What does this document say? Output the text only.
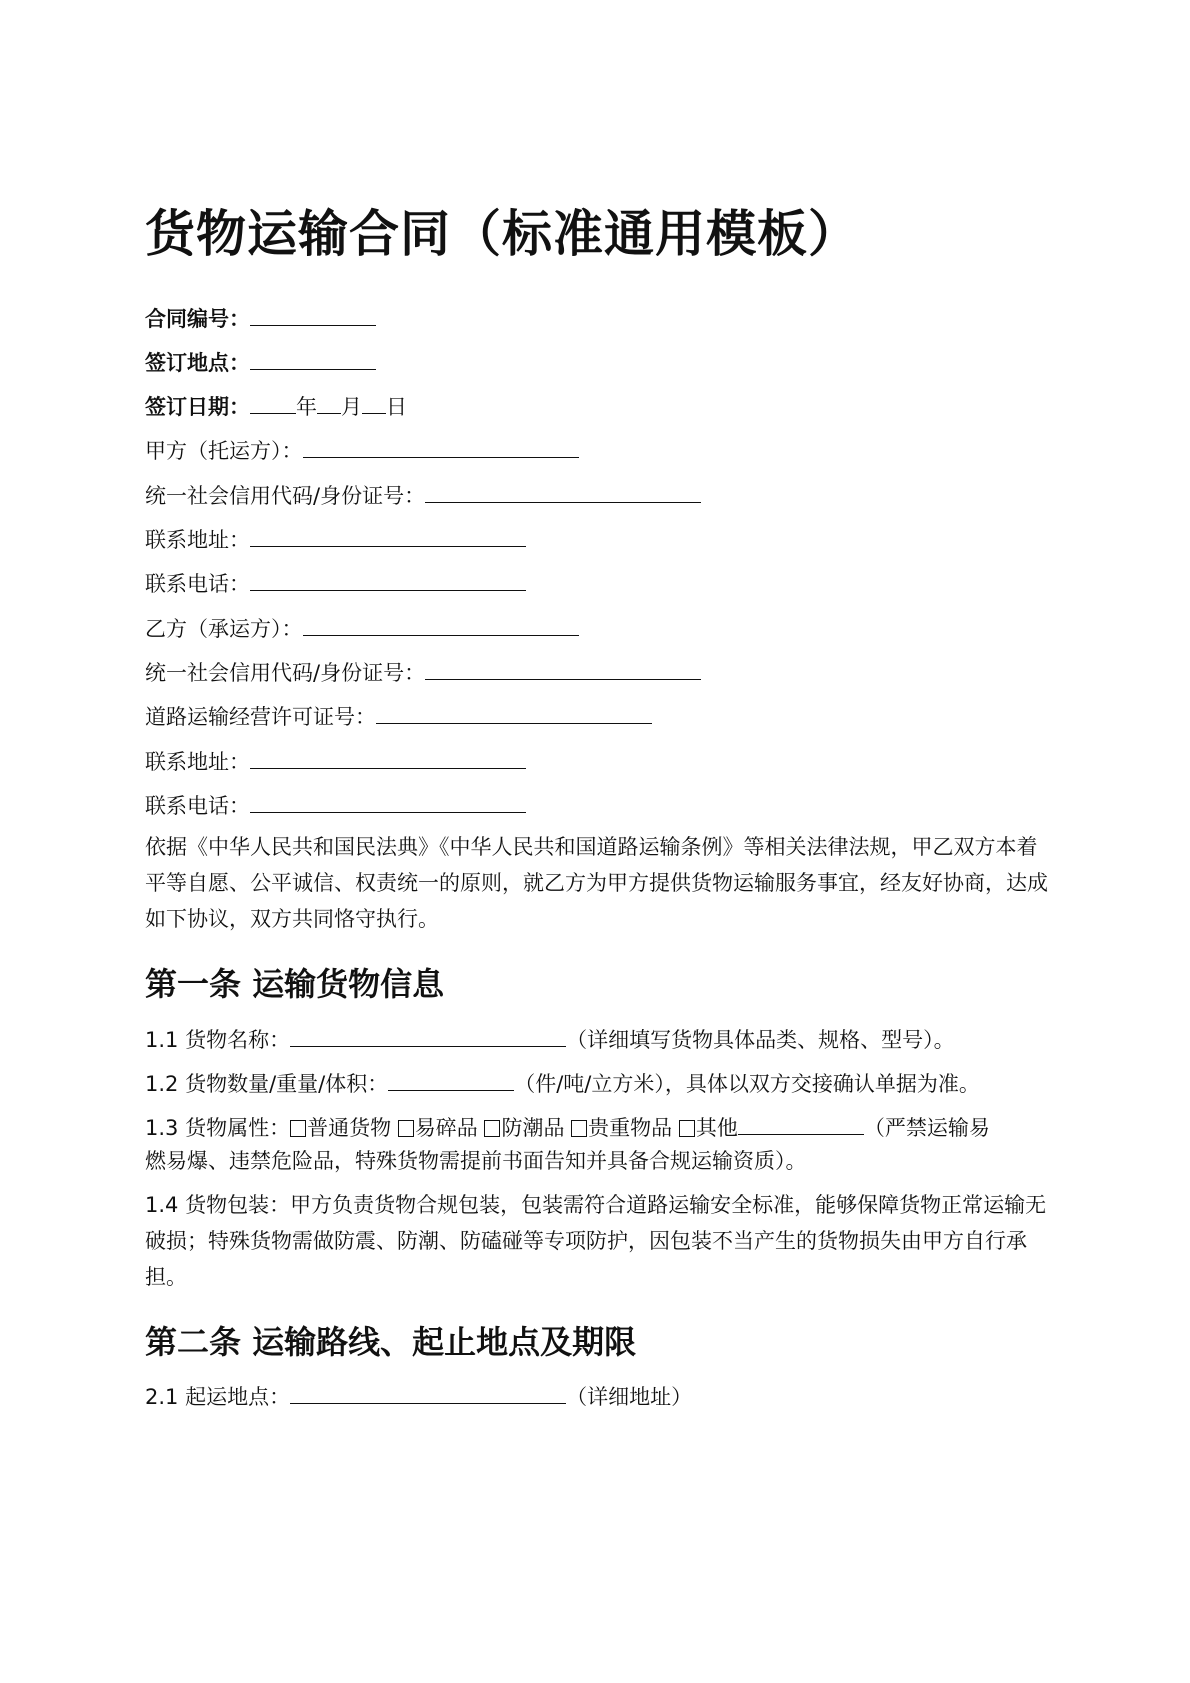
货物运输合同（标准通用模板）
合同编号：
签订地点：
签订日期： 年 月 日
甲方（托运方）：
统一社会信用代码/身份证号：
联系地址：
联系电话：
乙方（承运方）：
统一社会信用代码/身份证号：
道路运输经营许可证号：
联系地址：
联系电话：

依据《中华人民共和国民法典》《中华人民共和国道路运输条例》等相关法律法规，甲乙双方本着平等自愿、公平诚信、权责统一的原则，就乙方为甲方提供货物运输服务事宜，经友好协商，达成如下协议，双方共同恪守执行。

第一条 运输货物信息
1.1 货物名称：	（详细填写货物具体品类、规格、型号）。
1.2 货物数量/重量/体积：	（件/吨/立方米），具体以双方交接确认单据为准。
1.3 货物属性： 普通货物 易碎品 防潮品 贵重物品 其他	（严禁运输易
燃易爆、违禁危险品，特殊货物需提前书面告知并具备合规运输资质）。

1.4 货物包装：甲方负责货物合规包装，包装需符合道路运输安全标准，能够保障货物正常运输无破损；特殊货物需做防震、防潮、防磕碰等专项防护，因包装不当产生的货物损失由甲方自行承担。

第二条 运输路线、起止地点及期限
2.1 起运地点：	（详细地址）
